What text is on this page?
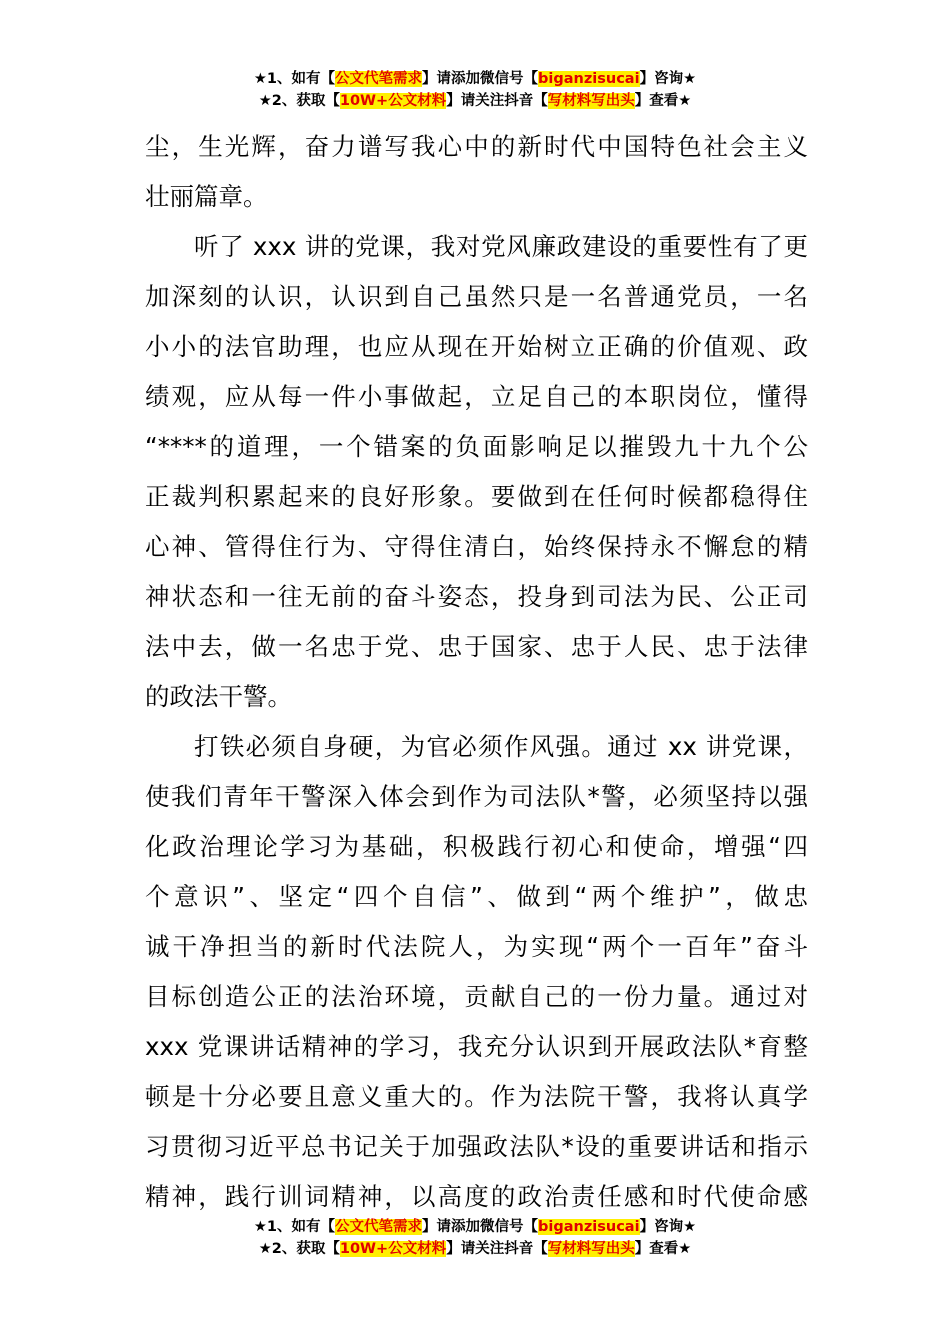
★1、如有【公文代笔需求】请添加微信号【biganzisucai】咨询★
★2、获取【10W+公文材料】请关注抖音【写材料写出头】查看★
尘，生光辉，奋力谱写我心中的新时代中国特色社会主义
壮丽篇章。
听了 xxx 讲的党课，我对党风廉政建设的重要性有了更
加深刻的认识，认识到自己虽然只是一名普通党员，一名
小小的法官助理，也应从现在开始树立正确的价值观、政
绩观，应从每一件小事做起，立足自己的本职岗位，懂得
“****的道理，一个错案的负面影响足以摧毁九十九个公
正裁判积累起来的良好形象。要做到在任何时候都稳得住
心神、管得住行为、守得住清白，始终保持永不懈怠的精
神状态和一往无前的奋斗姿态，投身到司法为民、公正司
法中去，做一名忠于党、忠于国家、忠于人民、忠于法律
的政法干警。
打铁必须自身硬，为官必须作风强。通过 xx 讲党课，
使我们青年干警深入体会到作为司法队*警，必须坚持以强
化政治理论学习为基础，积极践行初心和使命，增强“四
个意识”、坚定“四个自信”、做到“两个维护”，做忠
诚干净担当的新时代法院人，为实现“两个一百年”奋斗
目标创造公正的法治环境，贡献自己的一份力量。通过对
xxx 党课讲话精神的学习，我充分认识到开展政法队*育整
顿是十分必要且意义重大的。作为法院干警，我将认真学
习贯彻习近平总书记关于加强政法队*设的重要讲话和指示
精神，践行训词精神，以高度的政治责任感和时代使命感
★1、如有【公文代笔需求】请添加微信号【biganzisucai】咨询★
★2、获取【10W+公文材料】请关注抖音【写材料写出头】查看★
